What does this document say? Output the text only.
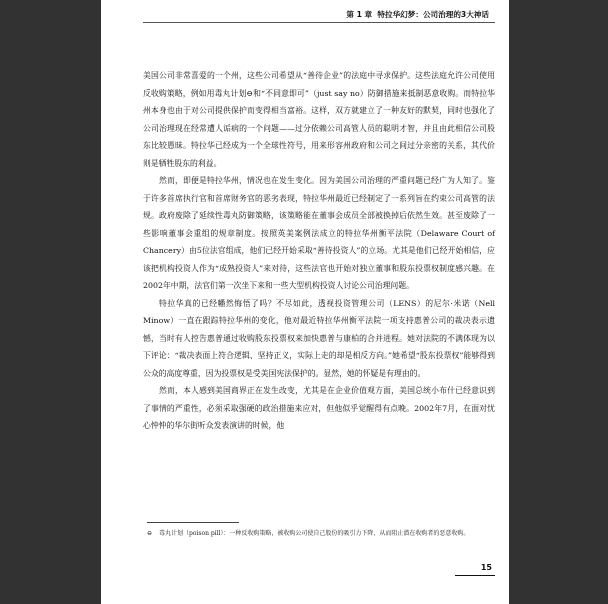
第 1 章 特拉华幻梦：公司治理的3大神话

美国公司非常喜爱的一个州，这些公司希望从“善待企业”的法庭中寻求保护。这些法庭允许公司使用反收购策略，例如用毒丸计划⊖和“不同意即可”（just say no）防御措施来抵制恶意收购。而特拉华州本身也由于对公司提供保护而变得相当富裕。这样，双方就建立了一种友好的默契，同时也强化了公司治理现在经常遭人诟病的一个问题——过分依赖公司高管人员的聪明才智，并且由此相信公司股东比较愚昧。特拉华已经成为一个全球性符号，用来形容州政府和公司之间过分亲密的关系，其代价则是牺牲股东的利益。

然而，即便是特拉华州，情况也在发生变化。因为美国公司治理的严重问题已经广为人知了。鉴于许多首席执行官和首席财务官的恶劣表现，特拉华州最近已经制定了一系列旨在约束公司高管的法规。政府废除了延续性毒丸防御策略，该策略能在董事会成员全部被换掉后依然生效。甚至废除了一些影响董事会重组的规章制度。按照英美案例法成立的特拉华州衡平法院（Delaware Court of Chancery）由5位法官组成，他们已经开始采取“善待投资人”的立场。尤其是他们已经开始相信，应该把机构投资人作为“成熟投资人”来对待，这些法官也开始对独立董事和股东投票权制度感兴趣。在2002年中期，法官们第一次坐下来和一些大型机构投资人讨论公司治理问题。

特拉华真的已经幡然悔悟了吗？不尽如此，透视投资管理公司（LENS）的尼尔·米诺（Nell Minow）一直在跟踪特拉华州的变化，他对最近特拉华州衡平法院一项支持惠普公司的裁决表示遗憾，当时有人控告惠普通过收购股东投票权来加快惠普与康柏的合并进程。她对法院的不满体现为以下评论：“裁决表面上符合逻辑、坚持正义，实际上走的却是相反方向。”她希望“股东投票权”能够得到公众的高度尊重，因为投票权是受美国宪法保护的。显然，她的怀疑是有理由的。

然而，本人感到美国商界正在发生改变，尤其是在企业价值观方面，美国总统小布什已经意识到了事情的严重性，必须采取强硬的政治措施来应对，但他似乎觉醒得有点晚。2002年7月，在面对忧心忡忡的华尔街听众发表演讲的时候，他

⊖ 毒丸计划（poison pill）：一种反收购策略，被收购公司使自己股份的吸引力下降，从而阻止潜在收购者的恶意收购。
15
